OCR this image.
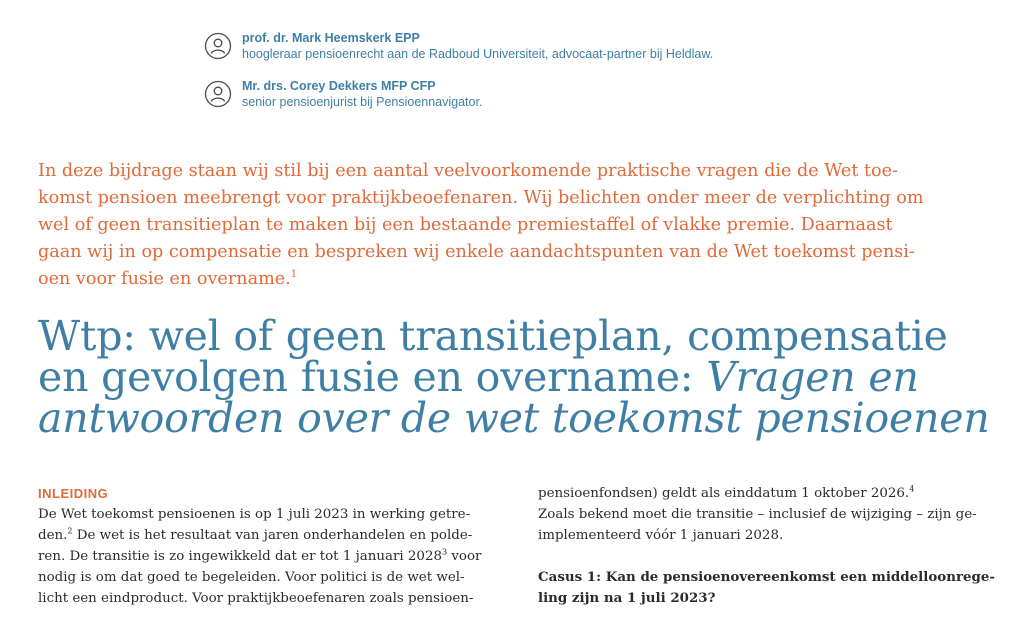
prof. dr. Mark Heemskerk EPP
hoogleraar pensioenrecht aan de Radboud Universiteit, advocaat-partner bij Heldlaw.
Mr. drs. Corey Dekkers MFP CFP
senior pensioenjurist bij Pensioennavigator.
In deze bijdrage staan wij stil bij een aantal veelvoorkomende praktische vragen die de Wet toe-
komst pensioen meebrengt voor praktijkbeoefenaren. Wij belichten onder meer de verplichting om
wel of geen transitieplan te maken bij een bestaande premiestaffel of vlakke premie. Daarnaast
gaan wij in op compensatie en bespreken wij enkele aandachtspunten van de Wet toekomst pensi-
oen voor fusie en overname.$^1$
Wtp: wel of geen transitieplan, compensatie
en gevolgen fusie en overname: Vragen en
antwoorden over de wet toekomst pensioenen
INLEIDING
De Wet toekomst pensioenen is op 1 juli 2023 in werking getre-
den.$^2$ De wet is het resultaat van jaren onderhandelen en polde-
ren. De transitie is zo ingewikkeld dat er tot 1 januari 2028$^3$ voor
nodig is om dat goed te begeleiden. Voor politici is de wet wel-
licht een eindproduct. Voor praktijkbeoefenaren zoals pensioen-
pensioenfondsen) geldt als einddatum 1 oktober 2026.$^4$
Zoals bekend moet die transitie – inclusief de wijziging – zijn ge-
implementeerd vóór 1 januari 2028.
Casus 1: Kan de pensioenovereenkomst een middelloonrege-
ling zijn na 1 juli 2023?
